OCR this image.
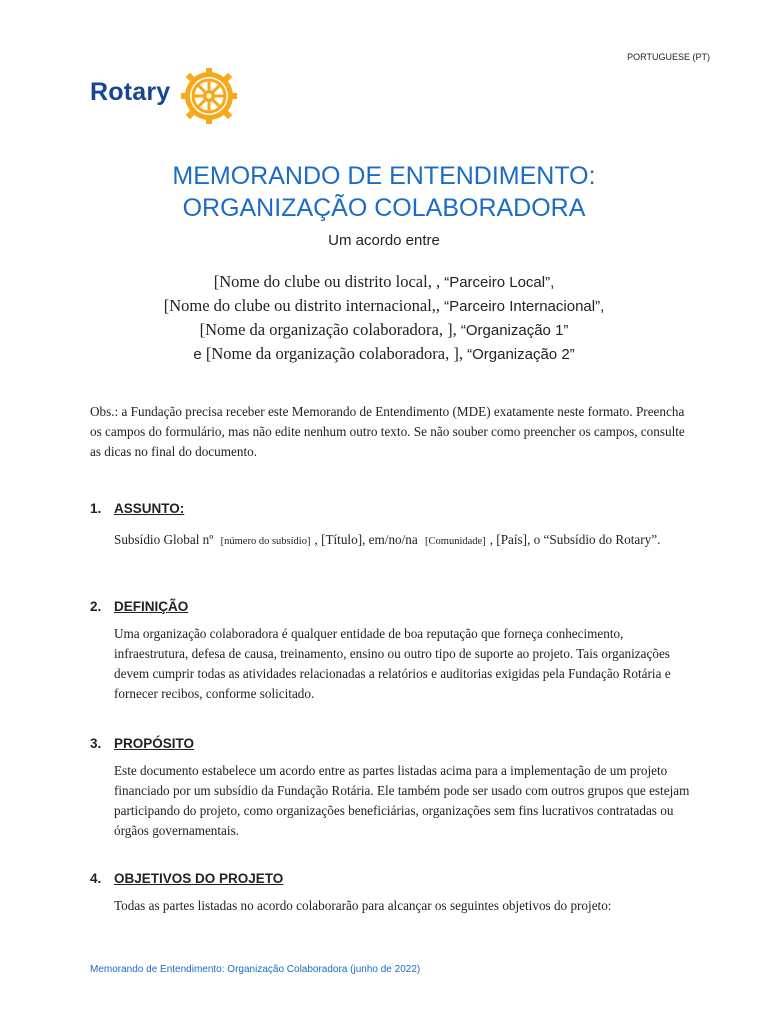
PORTUGUESE (PT)
Rotary
MEMORANDO DE ENTENDIMENTO:
ORGANIZAÇÃO COLABORADORA
Um acordo entre
[Nome do clube ou distrito local, , “Parceiro Local”,
[Nome do clube ou distrito internacional,, “Parceiro Internacional”,
[Nome da organização colaboradora, ], “Organização 1”
e [Nome da organização colaboradora, ], “Organização 2”
Obs.: a Fundação precisa receber este Memorando de Entendimento (MDE) exatamente neste formato. Preencha os campos do formulário, mas não edite nenhum outro texto. Se não souber como preencher os campos, consulte as dicas no final do documento.
1. ASSUNTO:
Subsídio Global nº [número do subsídio] , [Título], em/no/na [Comunidade] , [País], o “Subsídio do Rotary”.
2. DEFINIÇÃO
Uma organização colaboradora é qualquer entidade de boa reputação que forneça conhecimento, infraestrutura, defesa de causa, treinamento, ensino ou outro tipo de suporte ao projeto. Tais organizações devem cumprir todas as atividades relacionadas a relatórios e auditorias exigidas pela Fundação Rotária e fornecer recibos, conforme solicitado.
3. PROPÓSITO
Este documento estabelece um acordo entre as partes listadas acima para a implementação de um projeto financiado por um subsídio da Fundação Rotária. Ele também pode ser usado com outros grupos que estejam participando do projeto, como organizações beneficiárias, organizações sem fins lucrativos contratadas ou órgãos governamentais.
4. OBJETIVOS DO PROJETO
Todas as partes listadas no acordo colaborarão para alcançar os seguintes objetivos do projeto:
Memorando de Entendimento: Organização Colaboradora (junho de 2022)
